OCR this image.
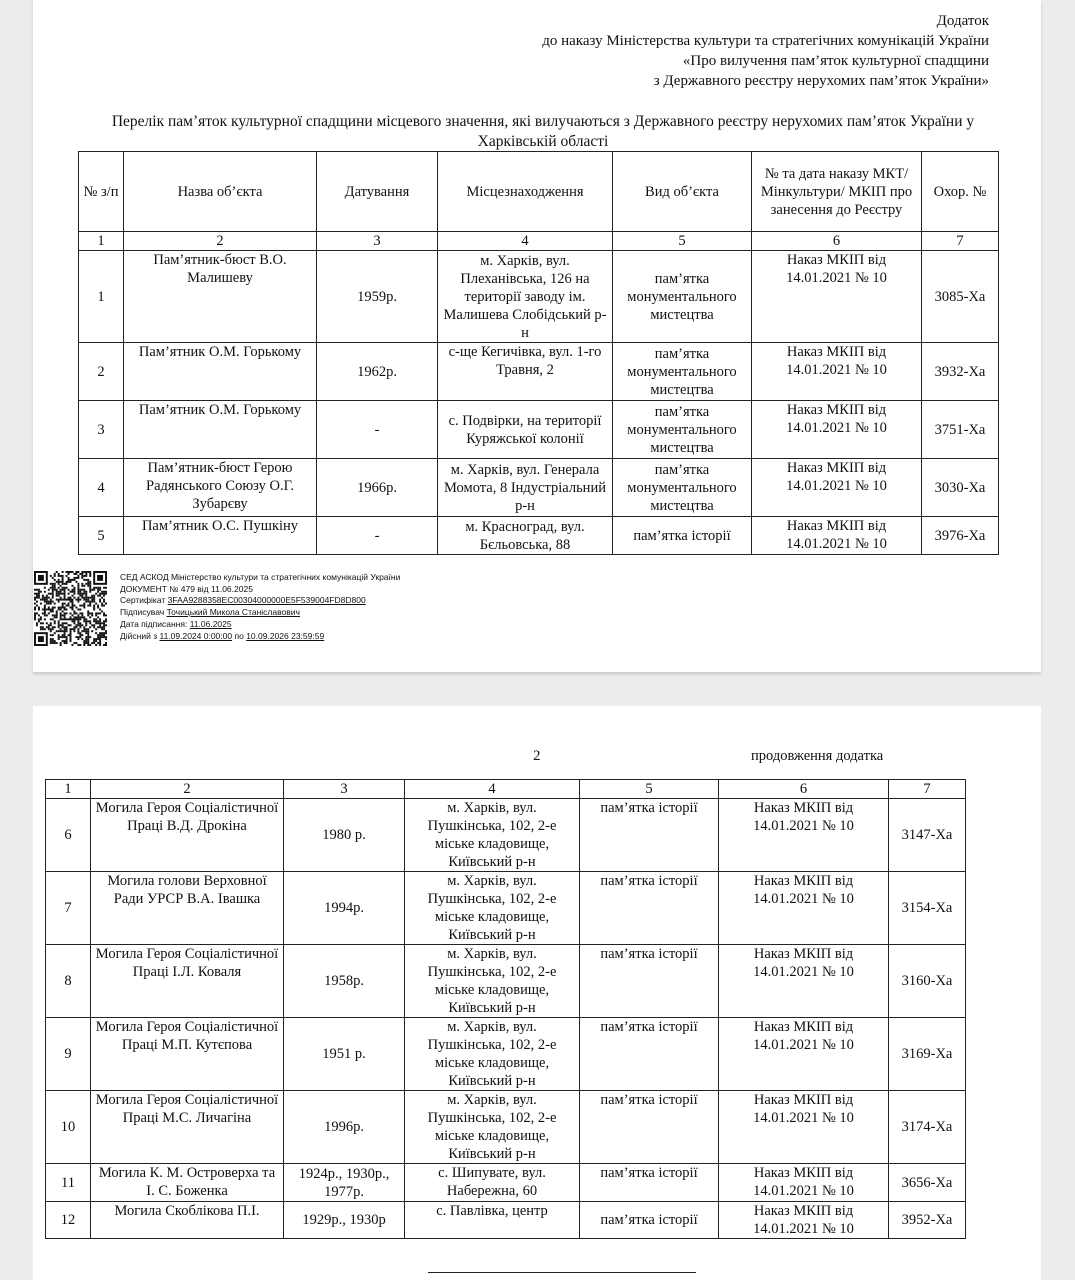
Додаток
до наказу Міністерства культури та стратегічних комунікацій України
«Про вилучення пам’яток культурної спадщини
з Державного реєстру нерухомих пам’яток України»
Перелік пам’яток культурної спадщини місцевого значення, які вилучаються з Державного реєстру нерухомих пам’яток України у Харківській області
№ з/п	Назва об’єкта	Датування	Місцезнаходження	Вид об’єкта	№ та дата наказу МКТ/Мінкультури/ МКІП про занесення до Реєстру	Охор. №
1	2	3	4	5	6	7
1	Пам’ятник-бюст В.О. Малишеву	1959р.	м. Харків, вул. Плеханівська, 126 на території заводу ім. Малишева Слобідський р-н	пам’ятка монументального мистецтва	Наказ МКІП від 14.01.2021 № 10	3085-Ха
2	Пам’ятник О.М. Горькому	1962р.	с-ще Кегичівка, вул. 1-го Травня, 2	пам’ятка монументального мистецтва	Наказ МКІП від 14.01.2021 № 10	3932-Ха
3	Пам’ятник О.М. Горькому	-	с. Подвірки, на території Куряжської колонії	пам’ятка монументального мистецтва	Наказ МКІП від 14.01.2021 № 10	3751-Ха
4	Пам’ятник-бюст Герою Радянського Союзу О.Г. Зубарєву	1966р.	м. Харків, вул. Генерала Момота, 8 Індустріальний р-н	пам’ятка монументального мистецтва	Наказ МКІП від 14.01.2021 № 10	3030-Ха
5	Пам’ятник О.С. Пушкіну	-	м. Красноград, вул. Бєльовська, 88	пам’ятка історії	Наказ МКІП від 14.01.2021 № 10	3976-Ха
СЕД АСКОД Міністерство культури та стратегічних комунікацій України
ДОКУМЕНТ № 479 від 11.06.2025
Сертифікат 3FAA9288358EC00304000000E5F539004FD8D800
Підписувач Точицький Микола Станіславович
Дата підписання: 11.06.2025
Дійсний з 11.09.2024 0:00:00 по 10.09.2026 23:59:59
2	продовження додатка
1	2	3	4	5	6	7
6	Могила Героя Соціалістичної Праці В.Д. Дрокіна	1980 р.	м. Харків, вул. Пушкінська, 102, 2-е міське кладовище, Київський р-н	пам’ятка історії	Наказ МКІП від 14.01.2021 № 10	3147-Ха
7	Могила голови Верховної Ради УРСР В.А. Івашка	1994р.	м. Харків, вул. Пушкінська, 102, 2-е міське кладовище, Київський р-н	пам’ятка історії	Наказ МКІП від 14.01.2021 № 10	3154-Ха
8	Могила Героя Соціалістичної Праці І.Л. Коваля	1958р.	м. Харків, вул. Пушкінська, 102, 2-е міське кладовище, Київський р-н	пам’ятка історії	Наказ МКІП від 14.01.2021 № 10	3160-Ха
9	Могила Героя Соціалістичної Праці М.П. Кутєпова	1951 р.	м. Харків, вул. Пушкінська, 102, 2-е міське кладовище, Київський р-н	пам’ятка історії	Наказ МКІП від 14.01.2021 № 10	3169-Ха
10	Могила Героя Соціалістичної Праці М.С. Личагіна	1996р.	м. Харків, вул. Пушкінська, 102, 2-е міське кладовище, Київський р-н	пам’ятка історії	Наказ МКІП від 14.01.2021 № 10	3174-Ха
11	Могила К. М. Островерха та І. С. Боженка	1924р., 1930р., 1977р.	с. Шипувате, вул. Набережна, 60	пам’ятка історії	Наказ МКІП від 14.01.2021 № 10	3656-Ха
12	Могила Скоблікова П.І.	1929р., 1930р	с. Павлівка, центр	пам’ятка історії	Наказ МКІП від 14.01.2021 № 10	3952-Ха
